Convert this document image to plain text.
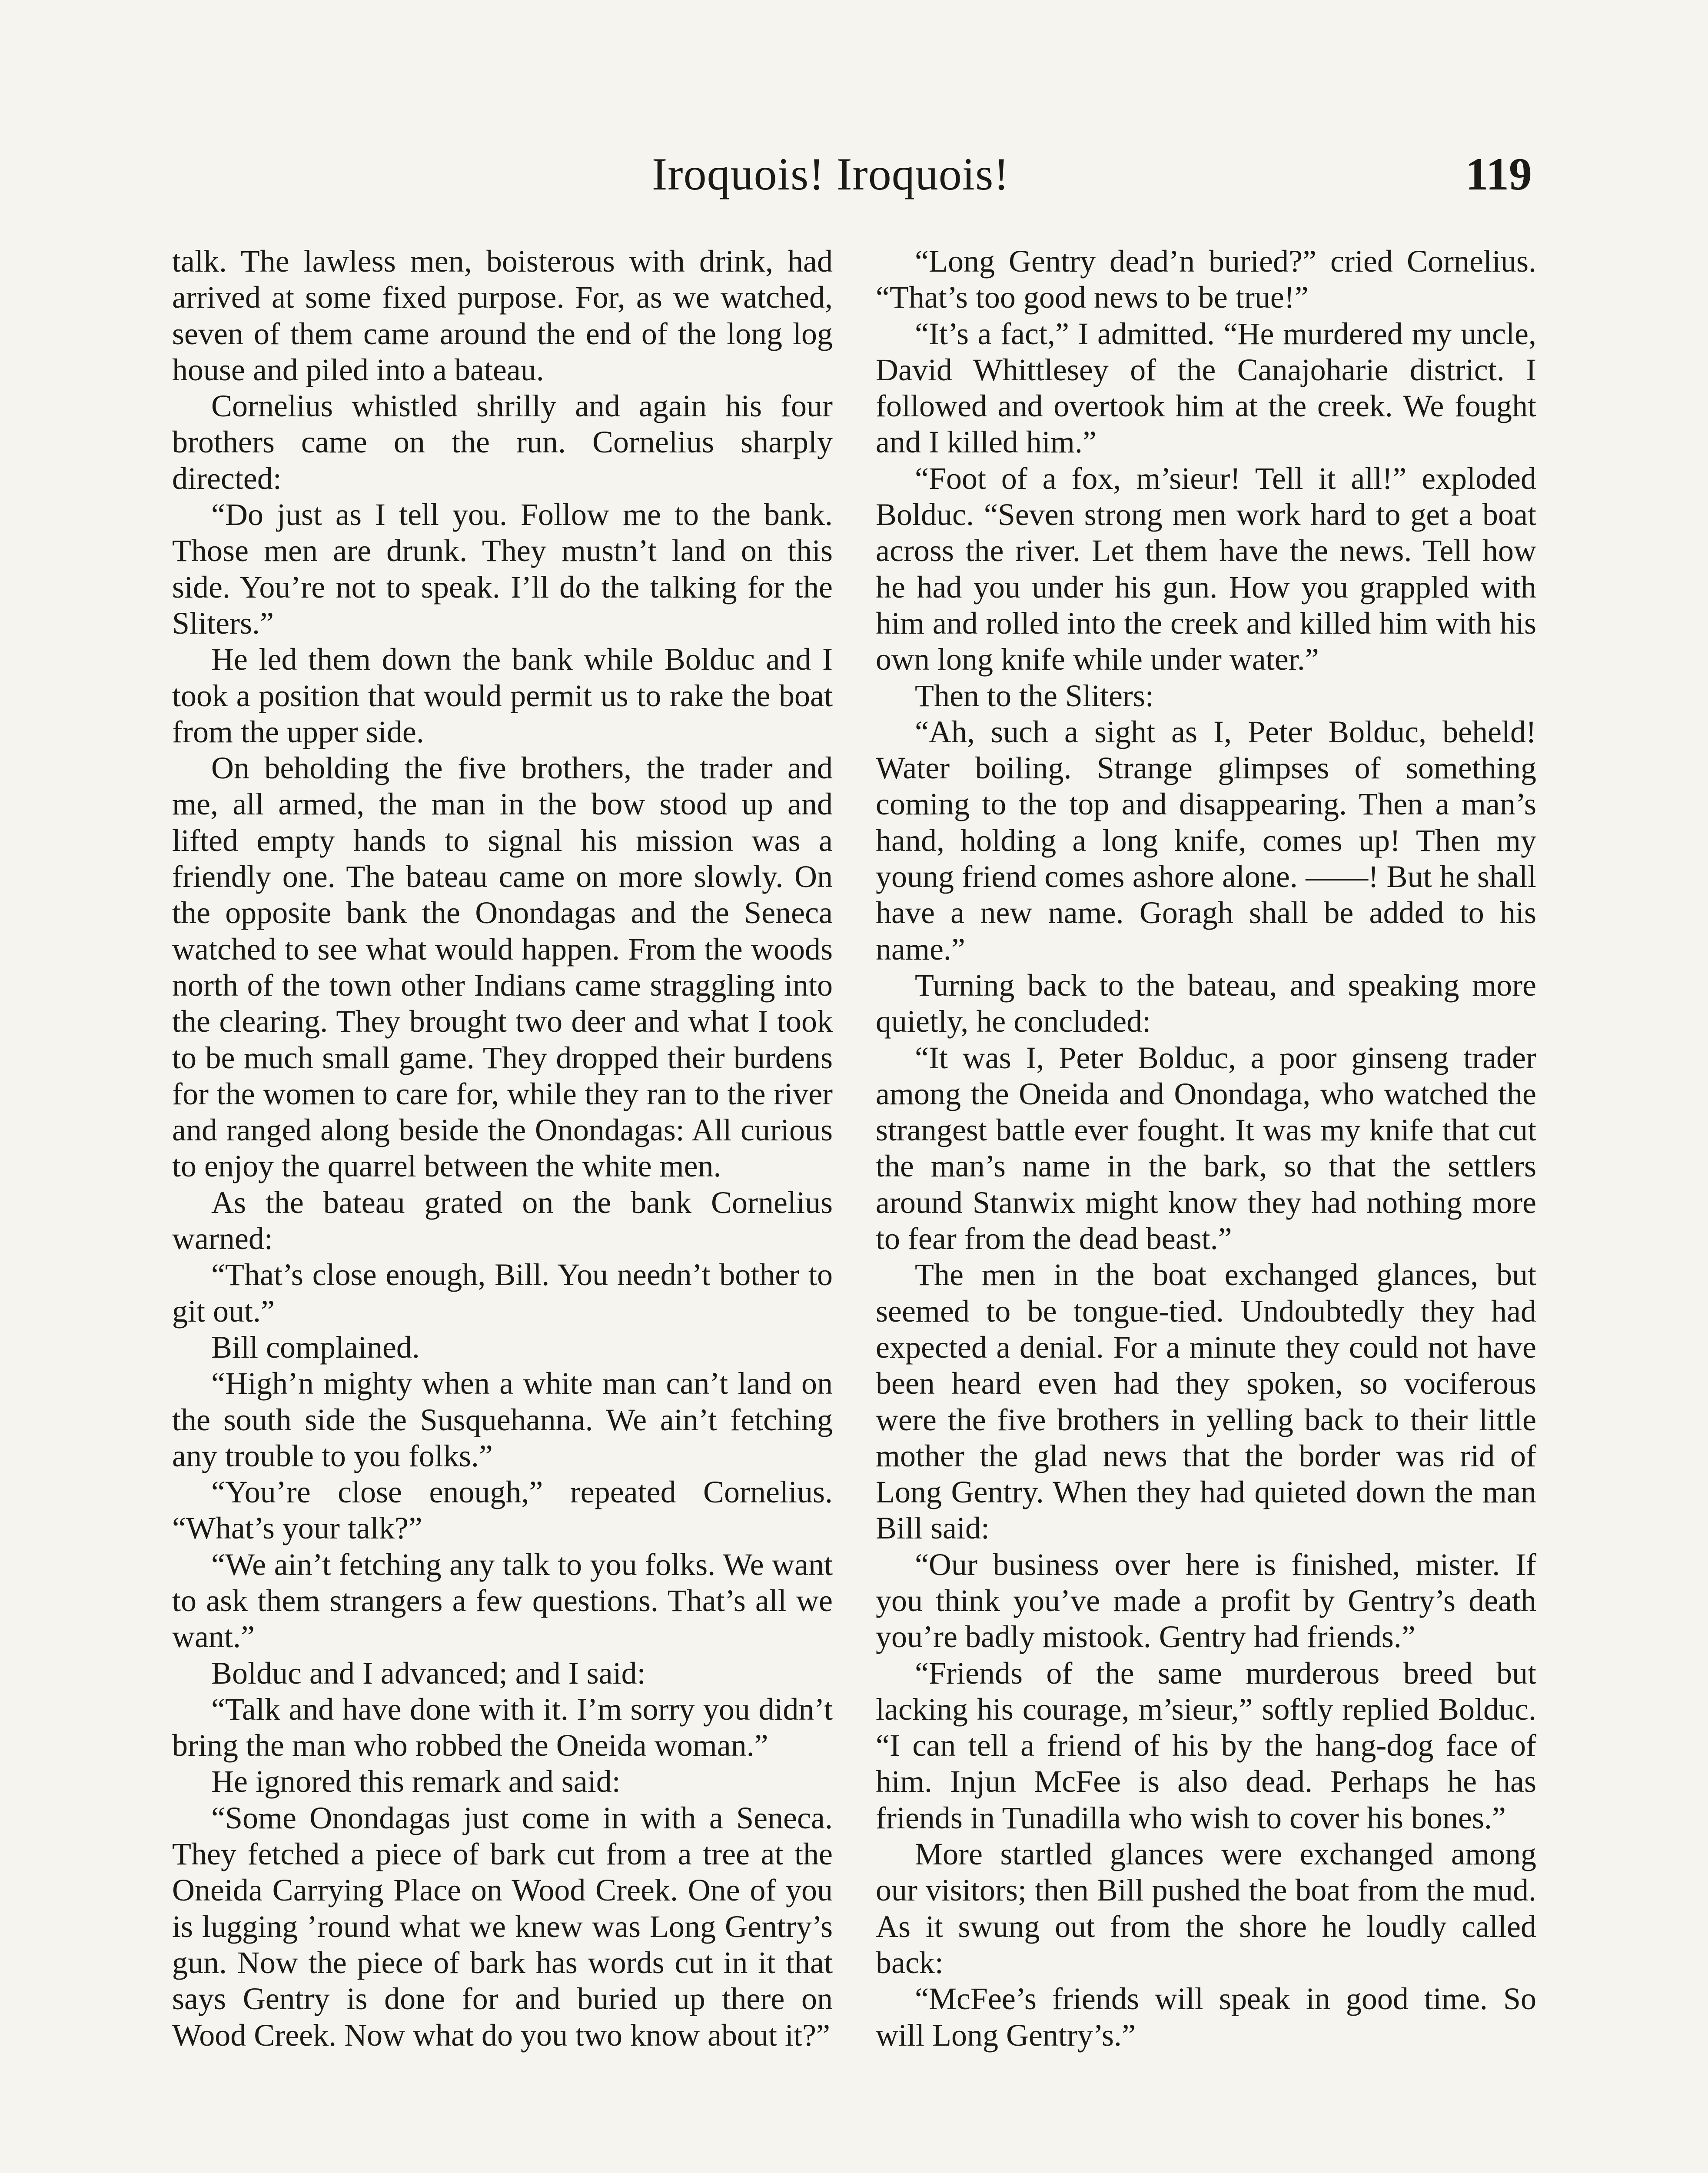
Iroquois! Iroquois!	119

talk. The lawless men, boisterous with drink, had arrived at some fixed purpose. For, as we watched, seven of them came around the end of the long log house and piled into a bateau.

Cornelius whistled shrilly and again his four brothers came on the run. Cornelius sharply directed:

“Do just as I tell you. Follow me to the bank. Those men are drunk. They mustn’t land on this side. You’re not to speak. I’ll do the talking for the Sliters.”

He led them down the bank while Bolduc and I took a position that would permit us to rake the boat from the upper side.

On beholding the five brothers, the trader and me, all armed, the man in the bow stood up and lifted empty hands to signal his mission was a friendly one. The bateau came on more slowly. On the opposite bank the Onondagas and the Seneca watched to see what would happen. From the woods north of the town other Indians came straggling into the clearing. They brought two deer and what I took to be much small game. They dropped their burdens for the women to care for, while they ran to the river and ranged along beside the Onondagas: All curious to enjoy the quarrel between the white men.

As the bateau grated on the bank Cornelius warned:

“That’s close enough, Bill. You needn’t bother to git out.”

Bill complained.

“High’n mighty when a white man can’t land on the south side the Susquehanna. We ain’t fetching any trouble to you folks.”

“You’re close enough,” repeated Cornelius. “What’s your talk?”

“We ain’t fetching any talk to you folks. We want to ask them strangers a few questions. That’s all we want.”

Bolduc and I advanced; and I said:

“Talk and have done with it. I’m sorry you didn’t bring the man who robbed the Oneida woman.”

He ignored this remark and said:

“Some Onondagas just come in with a Seneca. They fetched a piece of bark cut from a tree at the Oneida Carrying Place on Wood Creek. One of you is lugging ’round what we knew was Long Gentry’s gun. Now the piece of bark has words cut in it that says Gentry is done for and buried up there on Wood Creek. Now what do you two know about it?”

“Long Gentry dead’n buried?” cried Cornelius. “That’s too good news to be true!”

“It’s a fact,” I admitted. “He murdered my uncle, David Whittlesey of the Canajoharie district. I followed and overtook him at the creek. We fought and I killed him.”

“Foot of a fox, m’sieur! Tell it all!” exploded Bolduc. “Seven strong men work hard to get a boat across the river. Let them have the news. Tell how he had you under his gun. How you grappled with him and rolled into the creek and killed him with his own long knife while under water.”

Then to the Sliters:

“Ah, such a sight as I, Peter Bolduc, beheld! Water boiling. Strange glimpses of something coming to the top and disappearing. Then a man’s hand, holding a long knife, comes up! Then my young friend comes ashore alone. ——! But he shall have a new name. Goragh shall be added to his name.”

Turning back to the bateau, and speaking more quietly, he concluded:

“It was I, Peter Bolduc, a poor ginseng trader among the Oneida and Onondaga, who watched the strangest battle ever fought. It was my knife that cut the man’s name in the bark, so that the settlers around Stanwix might know they had nothing more to fear from the dead beast.”

The men in the boat exchanged glances, but seemed to be tongue-tied. Undoubtedly they had expected a denial. For a minute they could not have been heard even had they spoken, so vociferous were the five brothers in yelling back to their little mother the glad news that the border was rid of Long Gentry. When they had quieted down the man Bill said:

“Our business over here is finished, mister. If you think you’ve made a profit by Gentry’s death you’re badly mistook. Gentry had friends.”

“Friends of the same murderous breed but lacking his courage, m’sieur,” softly replied Bolduc. “I can tell a friend of his by the hang-dog face of him. Injun McFee is also dead. Perhaps he has friends in Tunadilla who wish to cover his bones.”

More startled glances were exchanged among our visitors; then Bill pushed the boat from the mud. As it swung out from the shore he loudly called back:

“McFee’s friends will speak in good time. So will Long Gentry’s.”
